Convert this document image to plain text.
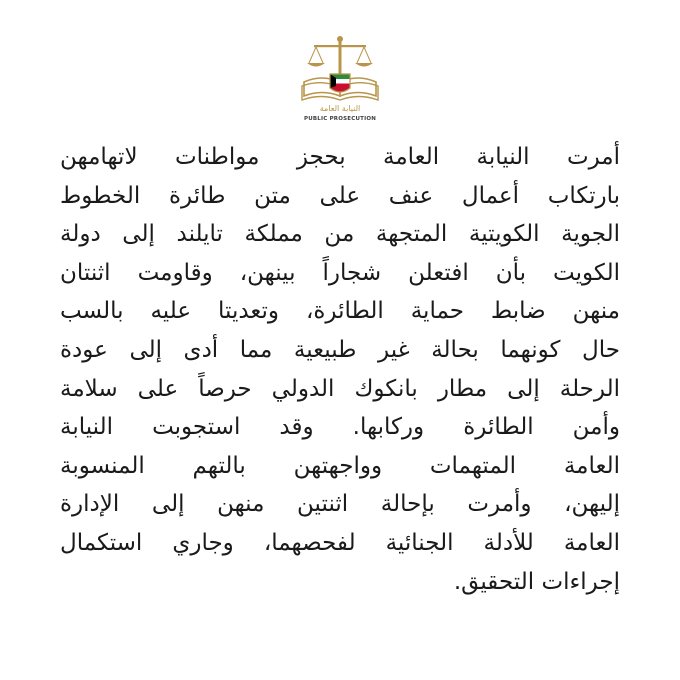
النيابة العامة
PUBLIC PROSECUTION
أمرت النيابة العامة بحجز مواطنات لاتهامهن
بارتكاب أعمال عنف على متن طائرة الخطوط
الجوية الكويتية المتجهة من مملكة تايلند إلى دولة
الكويت بأن افتعلن شجاراً بينهن، وقاومت اثنتان
منهن ضابط حماية الطائرة، وتعديتا عليه بالسب
حال كونهما بحالة غير طبيعية مما أدى إلى عودة
الرحلة إلى مطار بانكوك الدولي حرصاً على سلامة
وأمن الطائرة وركابها. وقد استجوبت النيابة
العامة المتهمات وواجهتهن بالتهم المنسوبة
إليهن، وأمرت بإحالة اثنتين منهن إلى الإدارة
العامة للأدلة الجنائية لفحصهما، وجاري استكمال
إجراءات التحقيق.
